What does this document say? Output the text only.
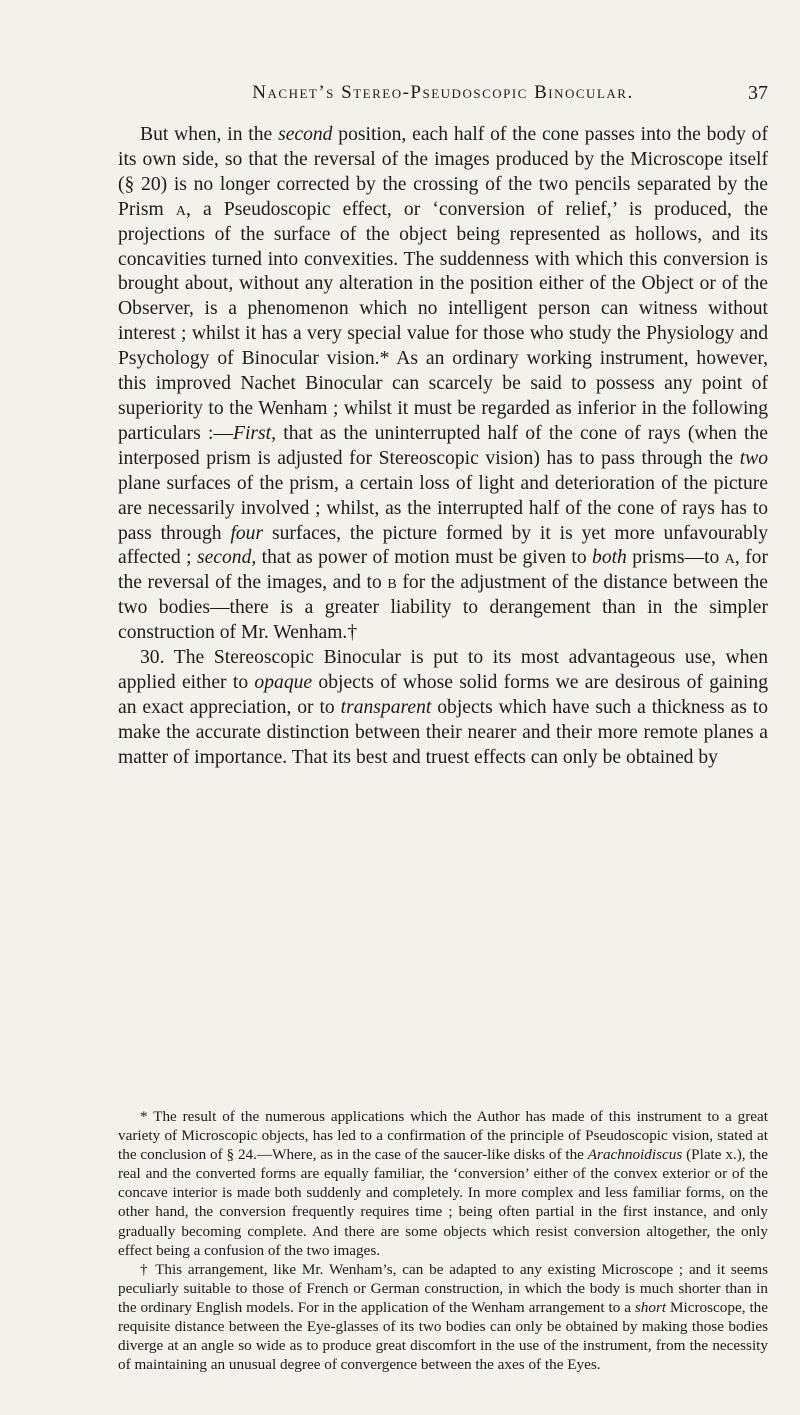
Nachet’s Stereo-Pseudoscopic Binocular.	37

But when, in the second position, each half of the cone passes into the body of its own side, so that the reversal of the images produced by the Microscope itself (§ 20) is no longer corrected by the crossing of the two pencils separated by the Prism a, a Pseudoscopic effect, or ‘conversion of relief,’ is produced, the projections of the surface of the object being represented as hollows, and its concavities turned into convexities. The suddenness with which this conversion is brought about, without any alteration in the position either of the Object or of the Observer, is a phenomenon which no intelligent person can witness without interest ; whilst it has a very special value for those who study the Physiology and Psychology of Binocular vision.* As an ordinary working instrument, however, this improved Nachet Binocular can scarcely be said to possess any point of superiority to the Wenham ; whilst it must be regarded as inferior in the following particulars :—First, that as the uninterrupted half of the cone of rays (when the interposed prism is adjusted for Stereoscopic vision) has to pass through the two plane surfaces of the prism, a certain loss of light and deterioration of the picture are necessarily involved ; whilst, as the interrupted half of the cone of rays has to pass through four surfaces, the picture formed by it is yet more unfavourably affected ; second, that as power of motion must be given to both prisms—to a, for the reversal of the images, and to b for the adjustment of the distance between the two bodies—there is a greater liability to derangement than in the simpler construction of Mr. Wenham.†

30. The Stereoscopic Binocular is put to its most advantageous use, when applied either to opaque objects of whose solid forms we are desirous of gaining an exact appreciation, or to transparent objects which have such a thickness as to make the accurate distinction between their nearer and their more remote planes a matter of importance. That its best and truest effects can only be obtained by

* The result of the numerous applications which the Author has made of this instrument to a great variety of Microscopic objects, has led to a confirmation of the principle of Pseudoscopic vision, stated at the conclusion of § 24.—Where, as in the case of the saucer-like disks of the Arachnoidiscus (Plate x.), the real and the converted forms are equally familiar, the ‘conversion’ either of the convex exterior or of the concave interior is made both suddenly and completely. In more complex and less familiar forms, on the other hand, the conversion frequently requires time ; being often partial in the first instance, and only gradually becoming complete. And there are some objects which resist conversion altogether, the only effect being a confusion of the two images.

† This arrangement, like Mr. Wenham’s, can be adapted to any existing Microscope ; and it seems peculiarly suitable to those of French or German construction, in which the body is much shorter than in the ordinary English models. For in the application of the Wenham arrangement to a short Microscope, the requisite distance between the Eye-glasses of its two bodies can only be obtained by making those bodies diverge at an angle so wide as to produce great discomfort in the use of the instrument, from the necessity of maintaining an unusual degree of convergence between the axes of the Eyes.
